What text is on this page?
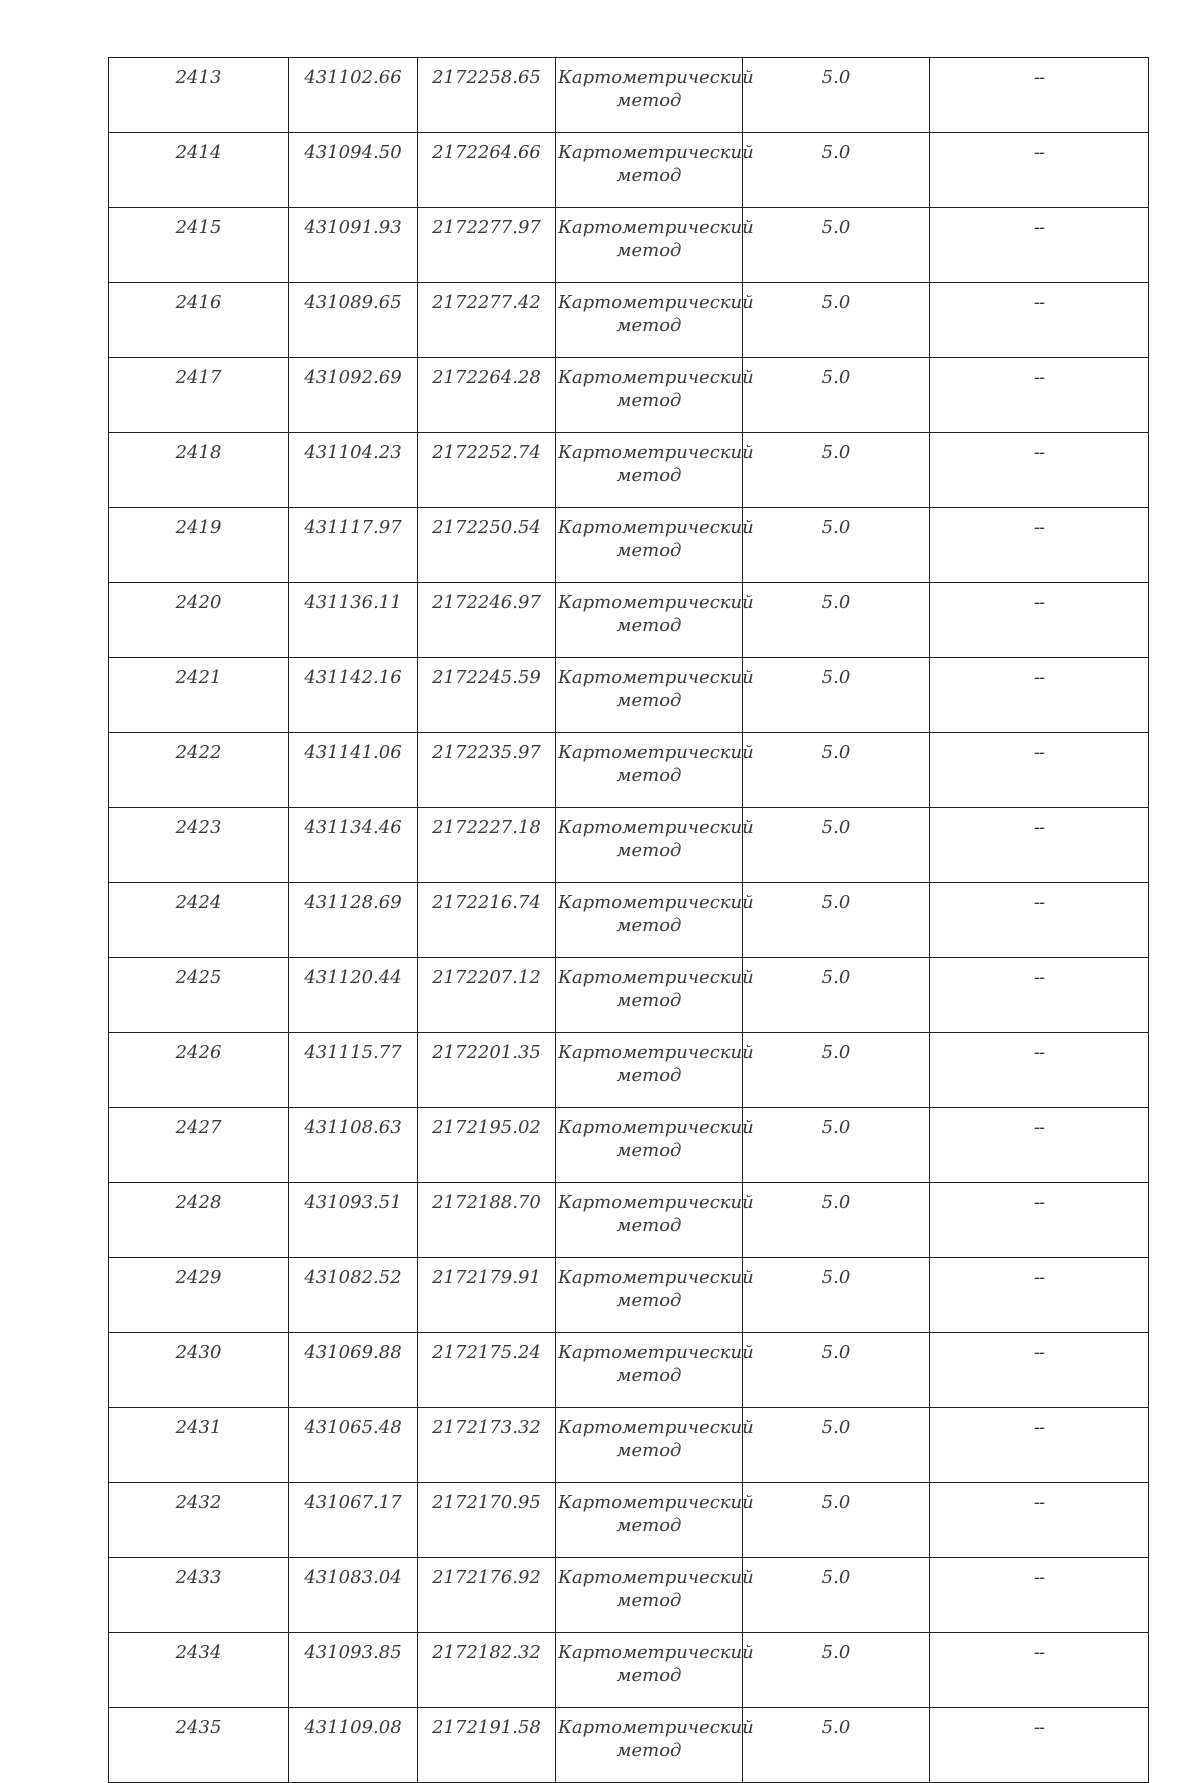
2413	431102.66	2172258.65	Картометрический метод	5.0	--
2414	431094.50	2172264.66	Картометрический метод	5.0	--
2415	431091.93	2172277.97	Картометрический метод	5.0	--
2416	431089.65	2172277.42	Картометрический метод	5.0	--
2417	431092.69	2172264.28	Картометрический метод	5.0	--
2418	431104.23	2172252.74	Картометрический метод	5.0	--
2419	431117.97	2172250.54	Картометрический метод	5.0	--
2420	431136.11	2172246.97	Картометрический метод	5.0	--
2421	431142.16	2172245.59	Картометрический метод	5.0	--
2422	431141.06	2172235.97	Картометрический метод	5.0	--
2423	431134.46	2172227.18	Картометрический метод	5.0	--
2424	431128.69	2172216.74	Картометрический метод	5.0	--
2425	431120.44	2172207.12	Картометрический метод	5.0	--
2426	431115.77	2172201.35	Картометрический метод	5.0	--
2427	431108.63	2172195.02	Картометрический метод	5.0	--
2428	431093.51	2172188.70	Картометрический метод	5.0	--
2429	431082.52	2172179.91	Картометрический метод	5.0	--
2430	431069.88	2172175.24	Картометрический метод	5.0	--
2431	431065.48	2172173.32	Картометрический метод	5.0	--
2432	431067.17	2172170.95	Картометрический метод	5.0	--
2433	431083.04	2172176.92	Картометрический метод	5.0	--
2434	431093.85	2172182.32	Картометрический метод	5.0	--
2435	431109.08	2172191.58	Картометрический метод	5.0	--
